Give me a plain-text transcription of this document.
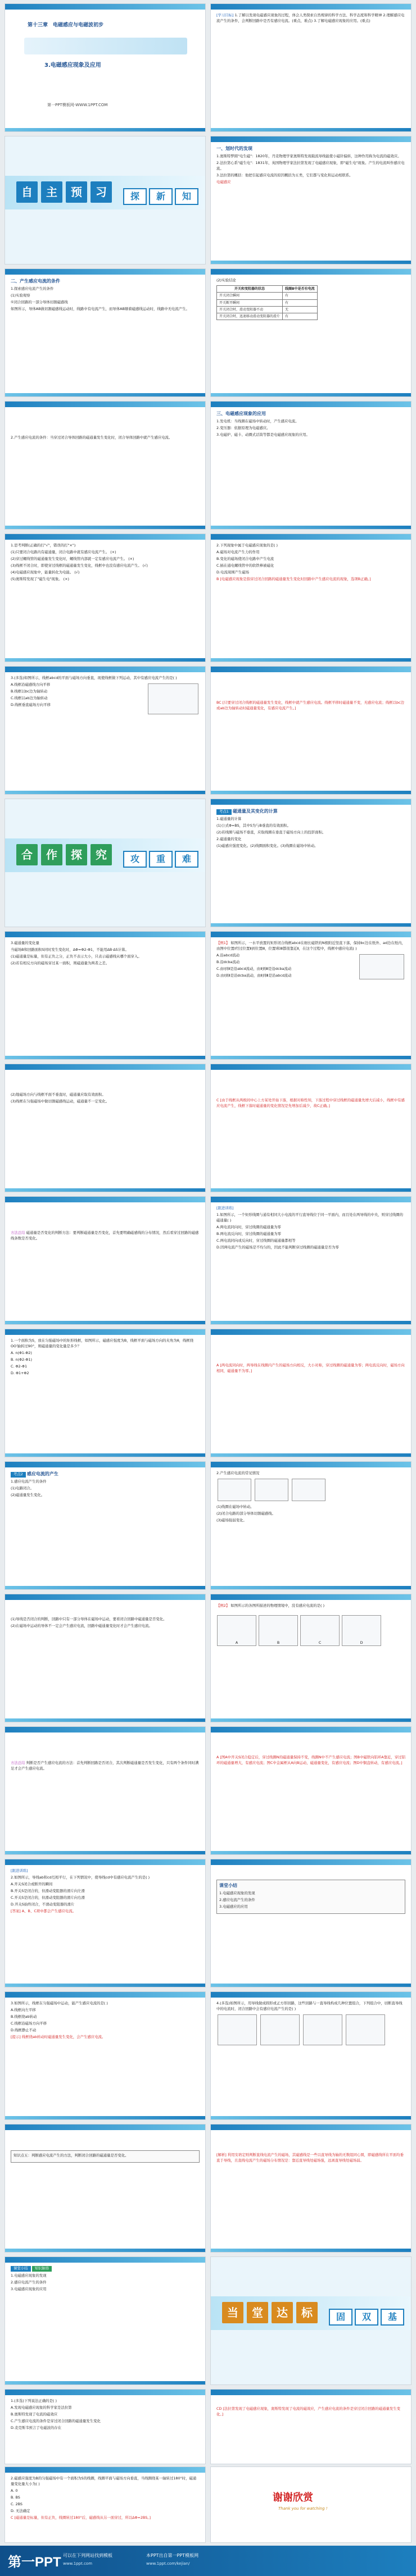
第十三章　电磁感应与电磁波初步
3.电磁感应现象及应用
第一PPT模板网-WWW.1PPT.COM

[学习目标] 1.了解以发现电磁感应现象的过程，体会人类探索自然规律的科学方法、科学态度和科学精神 2.理解感应电流产生的条件，会判断回路中是否有感应电流。(重点，难点) 3.了解电磁感应现象的应用。(重点)

自	主	预	习	探	新	知
一、划时代的发现

1.奥斯特梦圆"电生磁"：1820年，丹麦物理学家奥斯特发现载流导线能使小磁针偏转，这种作用称为电流的磁效应。

2.法拉第心系"磁生电"：1831年，英国物理学家法拉第发现了电磁感应现象，即"磁生电"现象。产生的电流叫作感应电流。

3.法拉第的概括：他把引起感应电流的原因概括为五类，它们都与变化和运动相联系。

电磁感应

二、产生感应电流的条件

1.探索感应电流产生的条件

(1)实验观察

①闭合回路的一部分导体切割磁感线

如图所示，导体AB做切割磁感线运动时，线路中有电流产生，而导体AB顺着磁感线运动时，线路中无电流产生。

(2)实验结论

开关和变阻器的状态	线圈B中是否有电流
开关闭合瞬间	有
开关断开瞬间	有
开关闭合时，滑动变阻器不动	无
开关闭合时，迅速移动滑动变阻器的滑片	有

2.产生感应电流的条件：当穿过闭合导体回路的磁通量发生变化时，闭合导体回路中就产生感应电流。

三、电磁感应现象的应用

1.发电机：当线圈在磁场中转动时，产生感应电流。

2.变压器：依据原理为电磁感应。

3.电磁炉、磁卡、动圈式话筒等都是电磁感应现象的应用。

1.思考判断(正确的打"√"，错误的打"×")

(1)只要闭合电路内有磁通量，闭合电路中就有感应电流产生。 (×)

(2)穿过螺线管的磁通量发生变化时，螺线管内部就一定有感应电流产生。 (×)

(3)线框不闭合时，即使穿过线框的磁通量发生变化，线框中也没有感应电流产生。 (√)

(4)电磁感应现象中，能量转化为电能。 (√)

(5)奥斯特发现了"磁生电"现象。 (×)

2.下列现象中属于电磁感应现象的是( )

A.磁场对电流产生力的作用

B.变化的磁场使闭合电路中产生电流

C.插在通电螺线管中的软铁棒被磁化

D.电流周围产生磁场

B [电磁感应现象是指穿过闭合回路的磁通量发生变化时回路中产生感应电流的现象，选项B正确。]

3.(多选)如图所示，线框abcd的平面与磁场方向垂直，现使线框做下列运动，其中有感应电流产生的是( )

A.线框沿磁感线方向平移

B.线框以bc边为轴转动

C.线框以ab边为轴转动

D.线框垂直磁场方向平移	BC [只要穿过闭合线框的磁通量发生变化，线框中就产生感应电流。线框平移时磁通量不变，无感应电流；线框以bc边或ab边为轴转动时磁通量变化，有感应电流产生。]

合	作	探	究	攻	重	难
考点1 磁通量及其变化的计算

1.磁通量的计算

(1)公式Φ=BS，其中S为与B垂直的有效面积。

(2)若线圈与磁场不垂直，应取线圈在垂直于磁场方向上的投影面积。

2.磁通量的变化

(1)磁感应强度变化。(2)线圈面积变化。(3)线圈在磁场中转动。

3.磁通量的变化量

当磁场B和回路面积S同时发生变化时，ΔΦ=Φ2-Φ1，不能用ΔB·ΔS计算。

(1)磁通量是标量，但有正负之分，正负不表示大小，只表示磁感线从哪个面穿入。

(2)若有相反方向的磁场穿过某一面积，则磁通量为两者之差。

【例1】 如图所示，一水平放置的矩形闭合线框abcd在细长磁铁的N极附近竖直下落，保持bc边在纸外、ad边在纸内，由图中位置Ⅰ经过位置Ⅱ到位置Ⅲ，位置Ⅰ和Ⅲ都很靠近Ⅱ，在这个过程中，线框中感应电流( )

A.沿abcd流动

B.沿dcba流动

C.由Ⅰ到Ⅱ是沿abcd流动，由Ⅱ到Ⅲ是沿dcba流动

D.由Ⅰ到Ⅱ是沿dcba流动，由Ⅱ到Ⅲ是沿abcd流动

(2)地磁场方向与线框平面不垂直时，磁通量应取有效面积。

(3)线框在匀强磁场中做切割磁感线运动，磁通量不一定变化。	C [由于线框从两极间中心上方某处开始下落，根据对称性知，下落过程中穿过线框的磁通量先增大后减小，线框中有感应电流产生，线框下落时磁通量的变化情况是先增加后减少，故C正确。]

方法总结 磁通量是否变化的判断方法：要判断磁通量是否变化，首先要明确磁感线的分布情况，然后看穿过回路的磁感线条数是否变化。

[跟进训练]

1.如图所示，一个矩形线圈与通有相同大小电流的平行直导线位于同一平面内，而且处在两导线的中央，则穿过线圈的磁通量( )

A.两电流同向时，穿过线圈的磁通量为零

B.两电流反向时，穿过线圈的磁通量为零

C.两电流同向或反向时，穿过线圈的磁通量都相等

D.因两电流产生的磁场是不均匀的，因此不能判断穿过线圈的磁通量是否为零

1.一个面积为S，放在匀强磁场中的矩形线框，如图所示，磁感应强度为B，线框平面与磁场方向的夹角为θ，线框绕OO′轴转过90°，则磁通量的变化量是多少？

A. n(Φ1-Φ2)

B. n(Φ2-Φ1)

C. Φ2-Φ1

D. Φ1+Φ2

A [两电流同向时，两导线在线圈内产生的磁场方向相反，大小对称，穿过线圈的磁通量为零；两电流反向时，磁场方向相同，磁通量不为零。]

考点2 感应电流的产生

1.感应电流产生的条件

(1)电路闭合。

(2)磁通量发生变化。

2.产生感应电流的常见情况

(1)线圈在磁场中转动。

(2)闭合电路的部分导体切割磁感线。

(3)磁场强弱变化。

(1)导线是否闭合的判断，回路中只有一部分导体在磁场中运动，要看闭合回路中磁通量是否变化。

(2)在磁场中运动的导体不一定会产生感应电流，回路中磁通量变化时才会产生感应电流。

【例2】 如图所示的各图所描述的物理情境中，没有感应电流的是( )

A	B	C	D

方法总结 判断是否产生感应电流的方法：首先判断回路是否闭合，其次判断磁通量是否发生变化，只有两个条件同时满足才会产生感应电流。

A [图A中开关S闭合稳定后，穿过线圈N的磁通量保持不变，线圈N中不产生感应电流；图B中磁铁向铝环A靠近，穿过铝环的磁通量增大，有感应电流；图C中金属框从A向B运动，磁通量变化，有感应电流；图D中铜盘转动，有感应电流。]

[跟进训练]

2.如图所示，导线ab和cd互相平行，在下列情况中，使导线cd中有感应电流产生的是( )

A.开关S闭合或断开的瞬间

B.开关S是闭合的，但滑动变阻器的滑片向左滑

C.开关S是闭合的，但滑动变阻器的滑片向右滑

D.开关S始终闭合，不滑动变阻器的滑片

[答案] A、B、C项中都会产生感应电流。

课堂小结

1.电磁感应现象的发现

2.感应电流产生的条件

3.电磁感应的应用

3.如图所示，线框在匀强磁场中运动，能产生感应电流的是( )

A.线框向左平移

B.线框绕ab转动

C.线框沿磁场方向平移

D.线框静止不动

[提示] 线框绕ab转动时磁通量发生变化，会产生感应电流。

4.(多选)如图所示，用导线做成圆形或正方形回路，这些回路与一直导线构成几种位置组合，下列组合中，切断直导线中的电流时，闭合回路中会有感应电流产生的是( )

知识点五：判断感应电流产生的方法，判断闭合回路的磁通量是否变化。	[解析] 利用安培定则判断直线电流产生的磁场，其磁感线是一些以直导线为轴的无数组同心圆，即磁感线所在平面均垂直于导线，且直线电流产生的磁场分布情况是：靠近直导线处磁场强，远离直导线处磁场弱。

课堂小结 知识脉络

1.电磁感应现象的发现

2.感应电流产生的条件

3.电磁感应现象的应用

当	堂	达	标	固	双	基

1.(多选)下列说法正确的是( )

A.发现电磁感应现象的科学家是法拉第

B.奥斯特发现了电流的磁效应

C.产生感应电流的条件是穿过闭合回路的磁通量发生变化

D.麦克斯韦预言了电磁波的存在

CD [法拉第发现了电磁感应现象，奥斯特发现了电流的磁效应，产生感应电流的条件是穿过闭合回路的磁通量发生变化。]

2.磁感应强度为B的匀强磁场中有一个面积为S的线圈，线圈平面与磁场方向垂直，当线圈绕某一轴转过180°时，磁通量变化量大小为( )

A. 0

B. BS

C. 2BS

D. 无法确定

C [磁通量是标量，但有正负，线圈转过180°后，磁感线从另一面穿过，所以ΔΦ=2BS。]

谢谢欣赏
Thank you for watching !

第一PPT 可以在下列网站找到模板
www.1ppt.com
本PPT出自第一PPT模板网
www.1ppt.com/kejian/
